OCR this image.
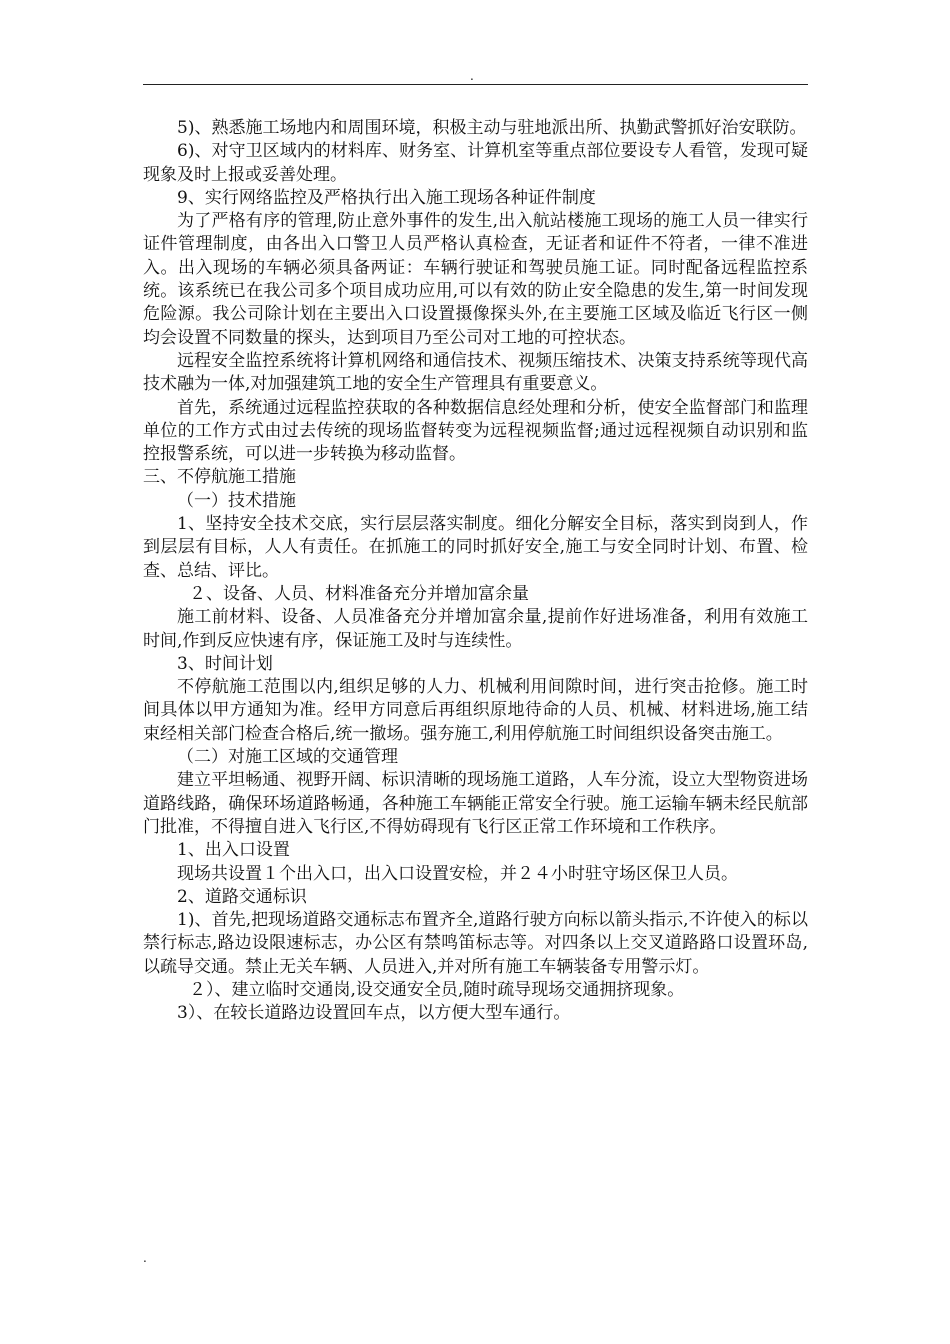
.

5)、熟悉施工场地内和周围环境，积极主动与驻地派出所、执勤武警抓好治安联防。

6)、对守卫区域内的材料库、财务室、计算机室等重点部位要设专人看管，发现可疑现象及时上报或妥善处理。

9、实行网络监控及严格执行出入施工现场各种证件制度

为了严格有序的管理,防止意外事件的发生,出入航站楼施工现场的施工人员一律实行证件管理制度，由各出入口警卫人员严格认真检查，无证者和证件不符者，一律不准进入。出入现场的车辆必须具备两证：车辆行驶证和驾驶员施工证。同时配备远程监控系统。该系统已在我公司多个项目成功应用,可以有效的防止安全隐患的发生,第一时间发现危险源。我公司除计划在主要出入口设置摄像探头外,在主要施工区域及临近飞行区一侧均会设置不同数量的探头，达到项目乃至公司对工地的可控状态。

远程安全监控系统将计算机网络和通信技术、视频压缩技术、决策支持系统等现代高技术融为一体,对加强建筑工地的安全生产管理具有重要意义。

首先，系统通过远程监控获取的各种数据信息经处理和分析，使安全监督部门和监理单位的工作方式由过去传统的现场监督转变为远程视频监督;通过远程视频自动识别和监控报警系统，可以进一步转换为移动监督。

三、不停航施工措施

（一）技术措施

1、坚持安全技术交底，实行层层落实制度。细化分解安全目标，落实到岗到人，作到层层有目标，人人有责任。在抓施工的同时抓好安全,施工与安全同时计划、布置、检查、总结、评比。

２、设备、人员、材料准备充分并增加富余量

施工前材料、设备、人员准备充分并增加富余量,提前作好进场准备，利用有效施工时间,作到反应快速有序，保证施工及时与连续性。

3、时间计划

不停航施工范围以内,组织足够的人力、机械利用间隙时间，进行突击抢修。施工时间具体以甲方通知为准。经甲方同意后再组织原地待命的人员、机械、材料进场,施工结束经相关部门检查合格后,统一撤场。强夯施工,利用停航施工时间组织设备突击施工。

（二）对施工区域的交通管理

建立平坦畅通、视野开阔、标识清晰的现场施工道路，人车分流，设立大型物资进场道路线路，确保环场道路畅通，各种施工车辆能正常安全行驶。施工运输车辆未经民航部门批准，不得擅自进入飞行区,不得妨碍现有飞行区正常工作环境和工作秩序。

1、出入口设置

现场共设置１个出入口，出入口设置安检，并２４小时驻守场区保卫人员。

2、道路交通标识

1)、首先,把现场道路交通标志布置齐全,道路行驶方向标以箭头指示,不许使入的标以禁行标志,路边设限速标志，办公区有禁鸣笛标志等。对四条以上交叉道路路口设置环岛,以疏导交通。禁止无关车辆、人员进入,并对所有施工车辆装备专用警示灯。

２）、建立临时交通岗,设交通安全员,随时疏导现场交通拥挤现象。

3）、在较长道路边设置回车点，以方便大型车通行。

.
